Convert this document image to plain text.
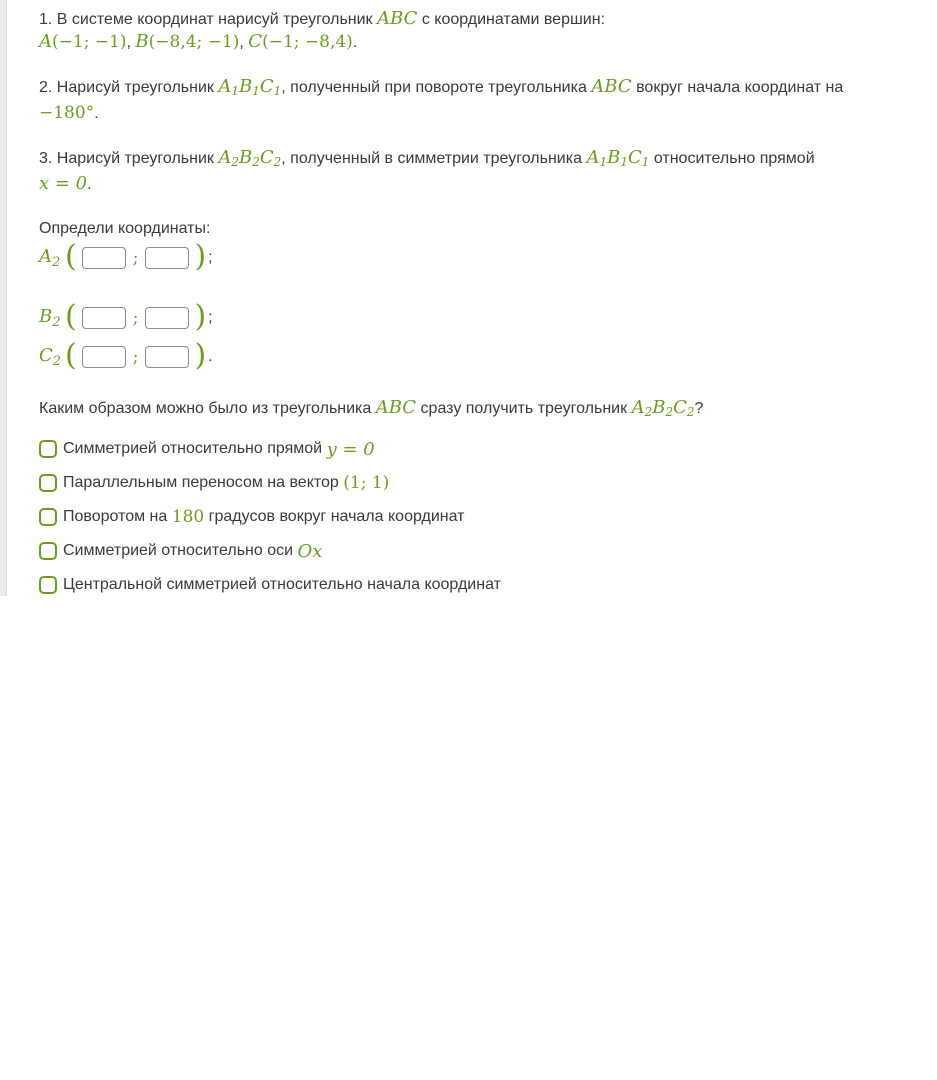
1. В системе координат нарисуй треугольник ABC с координатами вершин:

A(−1; −1), B(−8,4; −1), C(−1; −8,4).

2. Нарисуй треугольник $A_1B_1C_1$, полученный при повороте треугольника ABC вокруг начала координат на

−180°.

3. Нарисуй треугольник $A_2B_2C_2$, полученный в симметрии треугольника $A_1B_1C_1$ относительно прямой

x = 0.

Определи координаты:

$A_2$ (	; ) ;
$B_2$ (	; ) ;
$C_2$ (	; ) .

Каким образом можно было из треугольника ABC сразу получить треугольник $A_2B_2C_2$?

Симметрией относительно прямой
y = 0
Параллельным переносом на вектор
(1; 1)
Поворотом на
180
градусов вокруг начала координат
Симметрией относительно оси
Ox
Центральной симметрией относительно начала координат
